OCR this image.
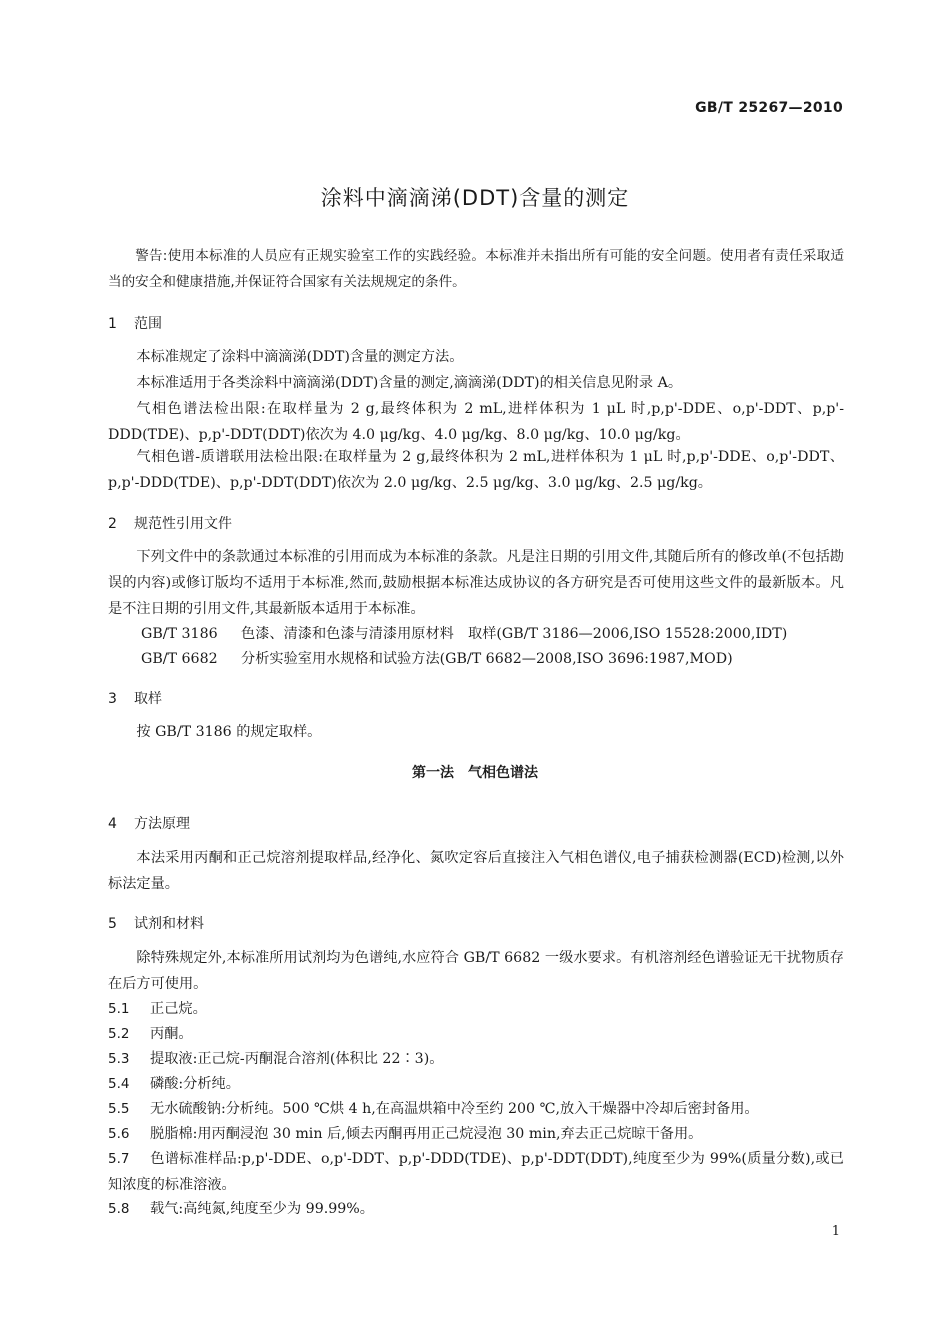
GB/T 25267—2010
涂料中滴滴涕(DDT)含量的测定
警告:使用本标准的人员应有正规实验室工作的实践经验。本标准并未指出所有可能的安全问题。使用者有责任采取适当的安全和健康措施,并保证符合国家有关法规规定的条件。
1 范围
本标准规定了涂料中滴滴涕(DDT)含量的测定方法。
本标准适用于各类涂料中滴滴涕(DDT)含量的测定,滴滴涕(DDT)的相关信息见附录 A。
气相色谱法检出限:在取样量为 2 g,最终体积为 2 mL,进样体积为 1 μL 时,p,p'-DDE、o,p'-DDT、p,p'-DDD(TDE)、p,p'-DDT(DDT)依次为 4.0 μg/kg、4.0 μg/kg、8.0 μg/kg、10.0 μg/kg。
气相色谱-质谱联用法检出限:在取样量为 2 g,最终体积为 2 mL,进样体积为 1 μL 时,p,p'-DDE、o,p'-DDT、p,p'-DDD(TDE)、p,p'-DDT(DDT)依次为 2.0 μg/kg、2.5 μg/kg、3.0 μg/kg、2.5 μg/kg。
2 规范性引用文件
下列文件中的条款通过本标准的引用而成为本标准的条款。凡是注日期的引用文件,其随后所有的修改单(不包括勘误的内容)或修订版均不适用于本标准,然而,鼓励根据本标准达成协议的各方研究是否可使用这些文件的最新版本。凡是不注日期的引用文件,其最新版本适用于本标准。
GB/T 3186 色漆、清漆和色漆与清漆用原材料　取样(GB/T 3186—2006,ISO 15528:2000,IDT)
GB/T 6682 分析实验室用水规格和试验方法(GB/T 6682—2008,ISO 3696:1987,MOD)
3 取样
按 GB/T 3186 的规定取样。
第一法　气相色谱法
4 方法原理
本法采用丙酮和正己烷溶剂提取样品,经净化、氮吹定容后直接注入气相色谱仪,电子捕获检测器(ECD)检测,以外标法定量。
5 试剂和材料
除特殊规定外,本标准所用试剂均为色谱纯,水应符合 GB/T 6682 一级水要求。有机溶剂经色谱验证无干扰物质存在后方可使用。
5.1 正己烷。
5.2 丙酮。
5.3 提取液:正己烷-丙酮混合溶剂(体积比 22∶3)。
5.4 磷酸:分析纯。
5.5 无水硫酸钠:分析纯。500 ℃烘 4 h,在高温烘箱中冷至约 200 ℃,放入干燥器中冷却后密封备用。
5.6 脱脂棉:用丙酮浸泡 30 min 后,倾去丙酮再用正己烷浸泡 30 min,弃去正己烷晾干备用。
5.7 色谱标准样品:p,p'-DDE、o,p'-DDT、p,p'-DDD(TDE)、p,p'-DDT(DDT),纯度至少为 99%(质量分数),或已知浓度的标准溶液。
5.8 载气:高纯氮,纯度至少为 99.99%。
1
